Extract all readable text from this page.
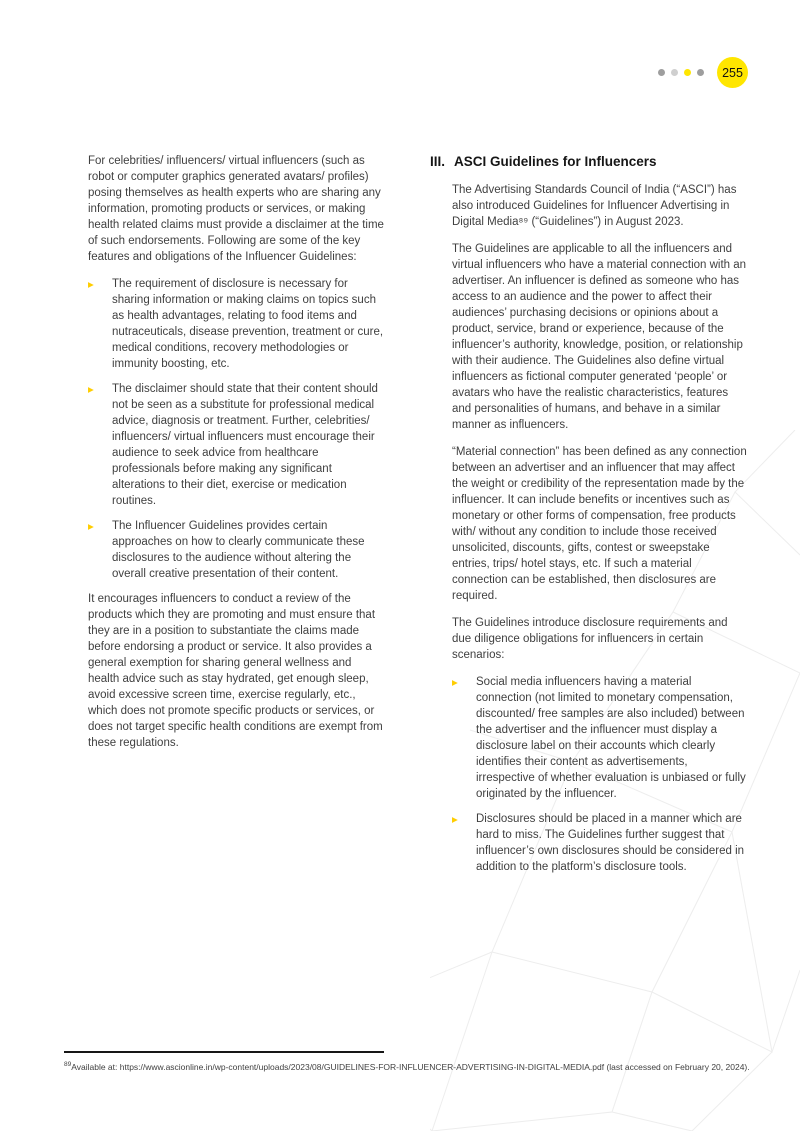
255

For celebrities/ influencers/ virtual influencers (such as robot or computer graphics generated avatars/ profiles) posing themselves as health experts who are sharing any information, promoting products or services, or making health related claims must provide a disclaimer at the time of such endorsements. Following are some of the key features and obligations of the Influencer Guidelines:

▶	The requirement of disclosure is necessary for sharing information or making claims on topics such as health advantages, relating to food items and nutraceuticals, disease prevention, treatment or cure, medical conditions, recovery methodologies or immunity boosting, etc.
▶	The disclaimer should state that their content should not be seen as a substitute for professional medical advice, diagnosis or treatment. Further, celebrities/ influencers/ virtual influencers must encourage their audience to seek advice from healthcare professionals before making any significant alterations to their diet, exercise or medication routines.
▶	The Influencer Guidelines provides certain approaches on how to clearly communicate these disclosures to the audience without altering the overall creative presentation of their content.

It encourages influencers to conduct a review of the products which they are promoting and must ensure that they are in a position to substantiate the claims made before endorsing a product or service. It also provides a general exemption for sharing general wellness and health advice such as stay hydrated, get enough sleep, avoid excessive screen time, exercise regularly, etc., which does not promote specific products or services, or does not target specific health conditions are exempt from these regulations.

III. ASCI Guidelines for Influencers

The Advertising Standards Council of India (“ASCI”) has also introduced Guidelines for Influencer Advertising in Digital Media⁸⁹ (“Guidelines”) in August 2023.

The Guidelines are applicable to all the influencers and virtual influencers who have a material connection with an advertiser. An influencer is defined as someone who has access to an audience and the power to affect their audiences’ purchasing decisions or opinions about a product, service, brand or experience, because of the influencer’s authority, knowledge, position, or relationship with their audience. The Guidelines also define virtual influencers as fictional computer generated ‘people’ or avatars who have the realistic characteristics, features and personalities of humans, and behave in a similar manner as influencers.

“Material connection” has been defined as any connection between an advertiser and an influencer that may affect the weight or credibility of the representation made by the influencer. It can include benefits or incentives such as monetary or other forms of compensation, free products with/ without any condition to include those received unsolicited, discounts, gifts, contest or sweepstake entries, trips/ hotel stays, etc. If such a material connection can be established, then disclosures are required.

The Guidelines introduce disclosure requirements and due diligence obligations for influencers in certain scenarios:

▶	Social media influencers having a material connection (not limited to monetary compensation, discounted/ free samples are also included) between the advertiser and the influencer must display a disclosure label on their accounts which clearly identifies their content as advertisements, irrespective of whether evaluation is unbiased or fully originated by the influencer.
▶	Disclosures should be placed in a manner which are hard to miss. The Guidelines further suggest that influencer’s own disclosures should be considered in addition to the platform’s disclosure tools.

$^{89}$Available at: https://www.ascionline.in/wp-content/uploads/2023/08/GUIDELINES-FOR-INFLUENCER-ADVERTISING-IN-DIGITAL-MEDIA.pdf (last accessed on February 20, 2024).
